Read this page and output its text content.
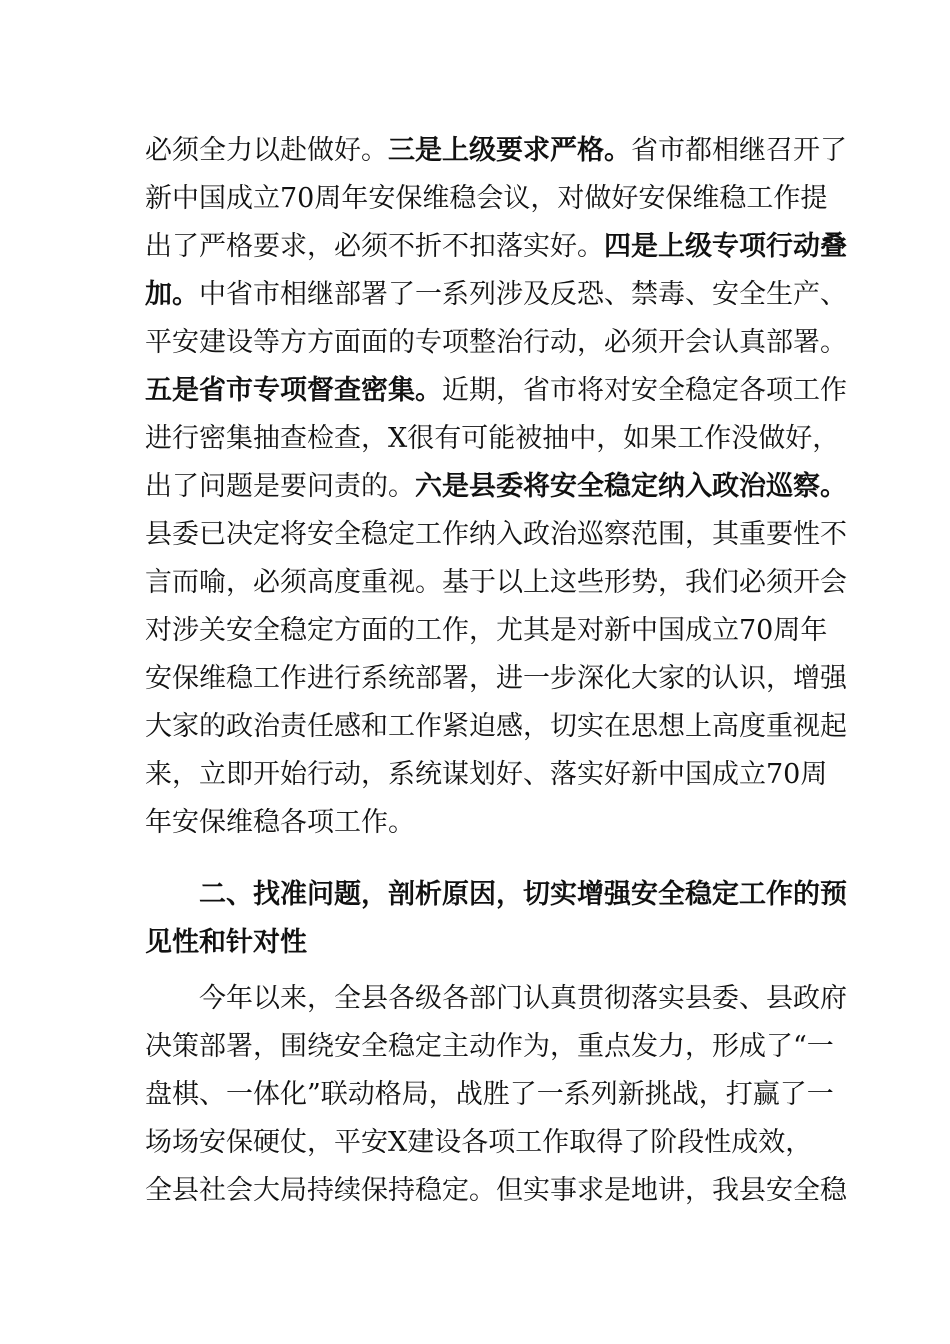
必须全力以赴做好。三是上级要求严格。省市都相继召开了
新中国成立70周年安保维稳会议，对做好安保维稳工作提
出了严格要求，必须不折不扣落实好。四是上级专项行动叠
加。中省市相继部署了一系列涉及反恐、禁毒、安全生产、
平安建设等方方面面的专项整治行动，必须开会认真部署。
五是省市专项督查密集。近期，省市将对安全稳定各项工作
进行密集抽查检查，X很有可能被抽中，如果工作没做好，
出了问题是要问责的。六是县委将安全稳定纳入政治巡察。
县委已决定将安全稳定工作纳入政治巡察范围，其重要性不
言而喻，必须高度重视。基于以上这些形势，我们必须开会
对涉关安全稳定方面的工作，尤其是对新中国成立70周年
安保维稳工作进行系统部署，进一步深化大家的认识，增强
大家的政治责任感和工作紧迫感，切实在思想上高度重视起
来，立即开始行动，系统谋划好、落实好新中国成立70周
年安保维稳各项工作。
二、找准问题，剖析原因，切实增强安全稳定工作的预
见性和针对性
今年以来，全县各级各部门认真贯彻落实县委、县政府
决策部署，围绕安全稳定主动作为，重点发力，形成了“一
盘棋、一体化”联动格局，战胜了一系列新挑战，打赢了一
场场安保硬仗，平安X建设各项工作取得了阶段性成效，
全县社会大局持续保持稳定。但实事求是地讲，我县安全稳
